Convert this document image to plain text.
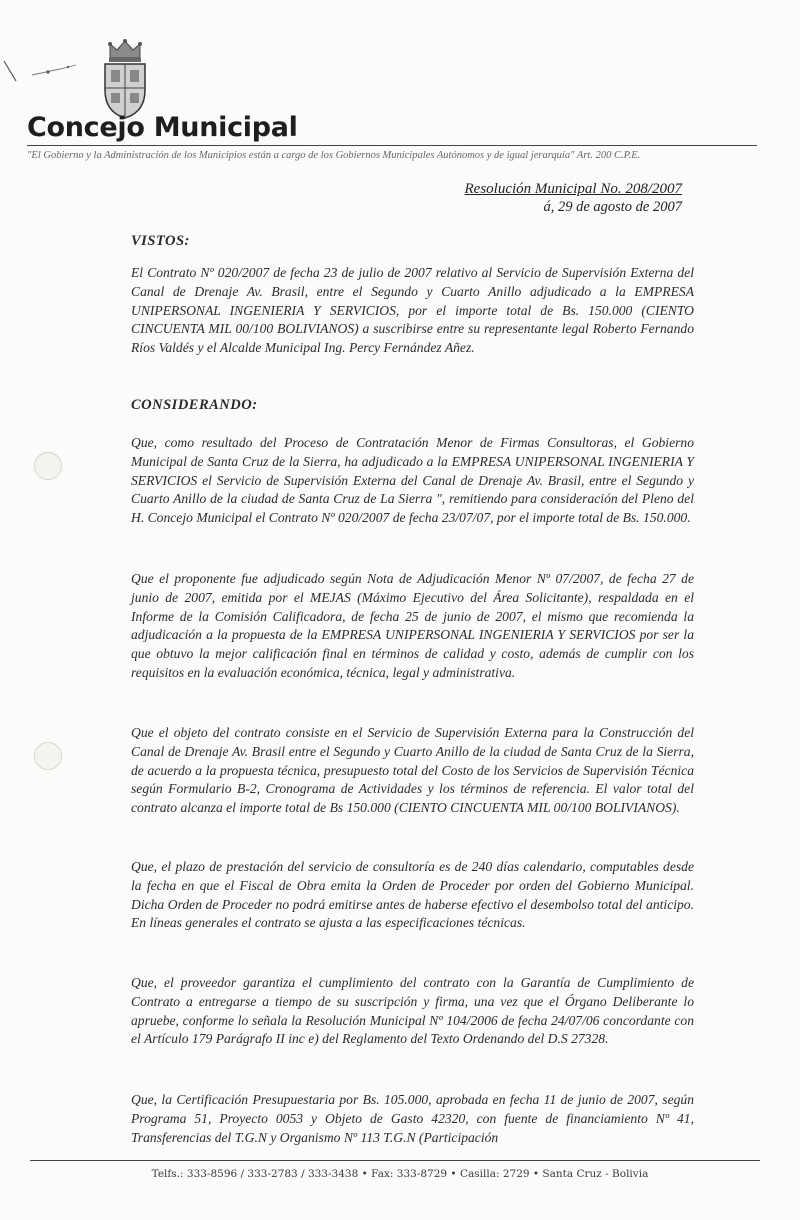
Concejo Municipal
"El Gobierno y la Administración de los Municipios están a cargo de los Gobiernos Municipales Autónomos y de igual jerarquía" Art. 200 C.P.E.
Resolución Municipal No. 208/2007
á, 29 de agosto de 2007
VISTOS:
El Contrato Nº 020/2007 de fecha 23 de julio de 2007 relativo al Servicio de Supervisión Externa del Canal de Drenaje Av. Brasil, entre el Segundo y Cuarto Anillo adjudicado a la EMPRESA UNIPERSONAL INGENIERIA Y SERVICIOS, por el importe total de Bs. 150.000 (CIENTO CINCUENTA MIL 00/100 BOLIVIANOS) a suscribirse entre su representante legal Roberto Fernando Ríos Valdés y el Alcalde Municipal Ing. Percy Fernández Añez.
CONSIDERANDO:
Que, como resultado del Proceso de Contratación Menor de Firmas Consultoras, el Gobierno Municipal de Santa Cruz de la Sierra, ha adjudicado a la EMPRESA UNIPERSONAL INGENIERIA Y SERVICIOS el Servicio de Supervisión Externa del Canal de Drenaje Av. Brasil, entre el Segundo y Cuarto Anillo de la ciudad de Santa Cruz de La Sierra ", remitiendo para consideración del Pleno del H. Concejo Municipal el Contrato Nº 020/2007 de fecha 23/07/07, por el importe total de Bs. 150.000.
Que el proponente fue adjudicado según Nota de Adjudicación Menor Nº 07/2007, de fecha 27 de junio de 2007, emitida por el MEJAS (Máximo Ejecutivo del Área Solicitante), respaldada en el Informe de la Comisión Calificadora, de fecha 25 de junio de 2007, el mismo que recomienda la adjudicación a la propuesta de la EMPRESA UNIPERSONAL INGENIERIA Y SERVICIOS por ser la que obtuvo la mejor calificación final en términos de calidad y costo, además de cumplir con los requisitos en la evaluación económica, técnica, legal y administrativa.
Que el objeto del contrato consiste en el Servicio de Supervisión Externa para la Construcción del Canal de Drenaje Av. Brasil entre el Segundo y Cuarto Anillo de la ciudad de Santa Cruz de la Sierra, de acuerdo a la propuesta técnica, presupuesto total del Costo de los Servicios de Supervisión Técnica según Formulario B-2, Cronograma de Actividades y los términos de referencia. El valor total del contrato alcanza el importe total de Bs 150.000 (CIENTO CINCUENTA MIL 00/100 BOLIVIANOS).
Que, el plazo de prestación del servicio de consultoría es de 240 días calendario, computables desde la fecha en que el Fiscal de Obra emita la Orden de Proceder por orden del Gobierno Municipal. Dicha Orden de Proceder no podrá emitirse antes de haberse efectivo el desembolso total del anticipo. En líneas generales el contrato se ajusta a las especificaciones técnicas.
Que, el proveedor garantiza el cumplimiento del contrato con la Garantía de Cumplimiento de Contrato a entregarse a tiempo de su suscripción y firma, una vez que el Órgano Deliberante lo apruebe, conforme lo señala la Resolución Municipal Nº 104/2006 de fecha 24/07/06 concordante con el Artículo 179 Parágrafo II inc e) del Reglamento del Texto Ordenando del D.S 27328.
Que, la Certificación Presupuestaria por Bs. 105.000, aprobada en fecha 11 de junio de 2007, según Programa 51, Proyecto 0053 y Objeto de Gasto 42320, con fuente de financiamiento Nº 41, Transferencias del T.G.N y Organismo Nº 113 T.G.N (Participación
Telfs.: 333-8596 / 333-2783 / 333-3438 • Fax: 333-8729 • Casilla: 2729 • Santa Cruz - Bolivia
